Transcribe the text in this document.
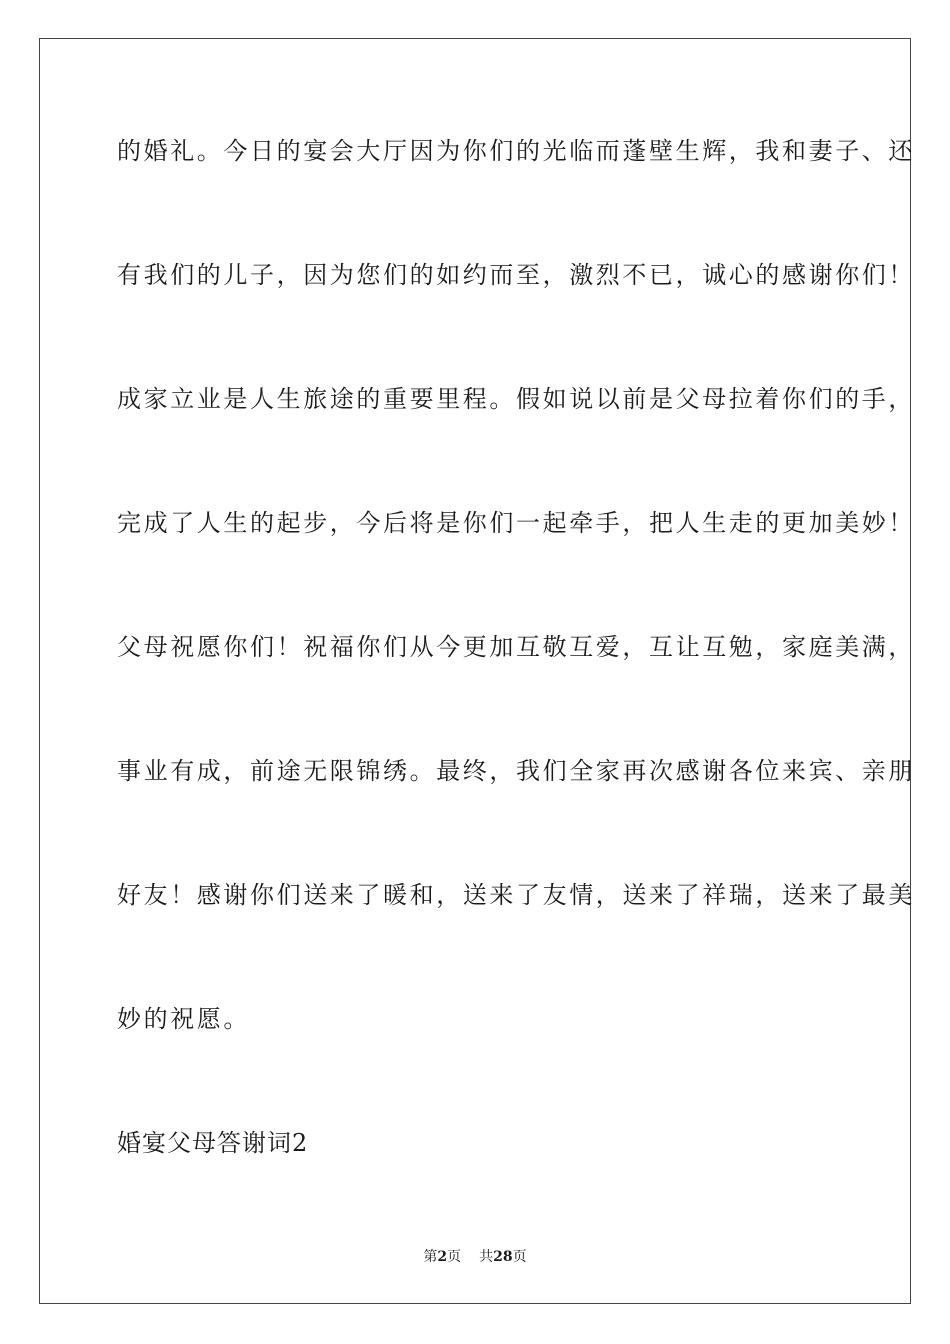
的婚礼。今日的宴会大厅因为你们的光临而蓬壁生辉，我和妻子、还
有我们的儿子，因为您们的如约而至，激烈不已，诚心的感谢你们！
成家立业是人生旅途的重要里程。假如说以前是父母拉着你们的手，
完成了人生的起步，今后将是你们一起牵手，把人生走的更加美妙！
父母祝愿你们！祝福你们从今更加互敬互爱，互让互勉，家庭美满，
事业有成，前途无限锦绣。最终，我们全家再次感谢各位来宾、亲朋
好友！感谢你们送来了暖和，送来了友情，送来了祥瑞，送来了最美
妙的祝愿。
婚宴父母答谢词2
第2页 共28页
